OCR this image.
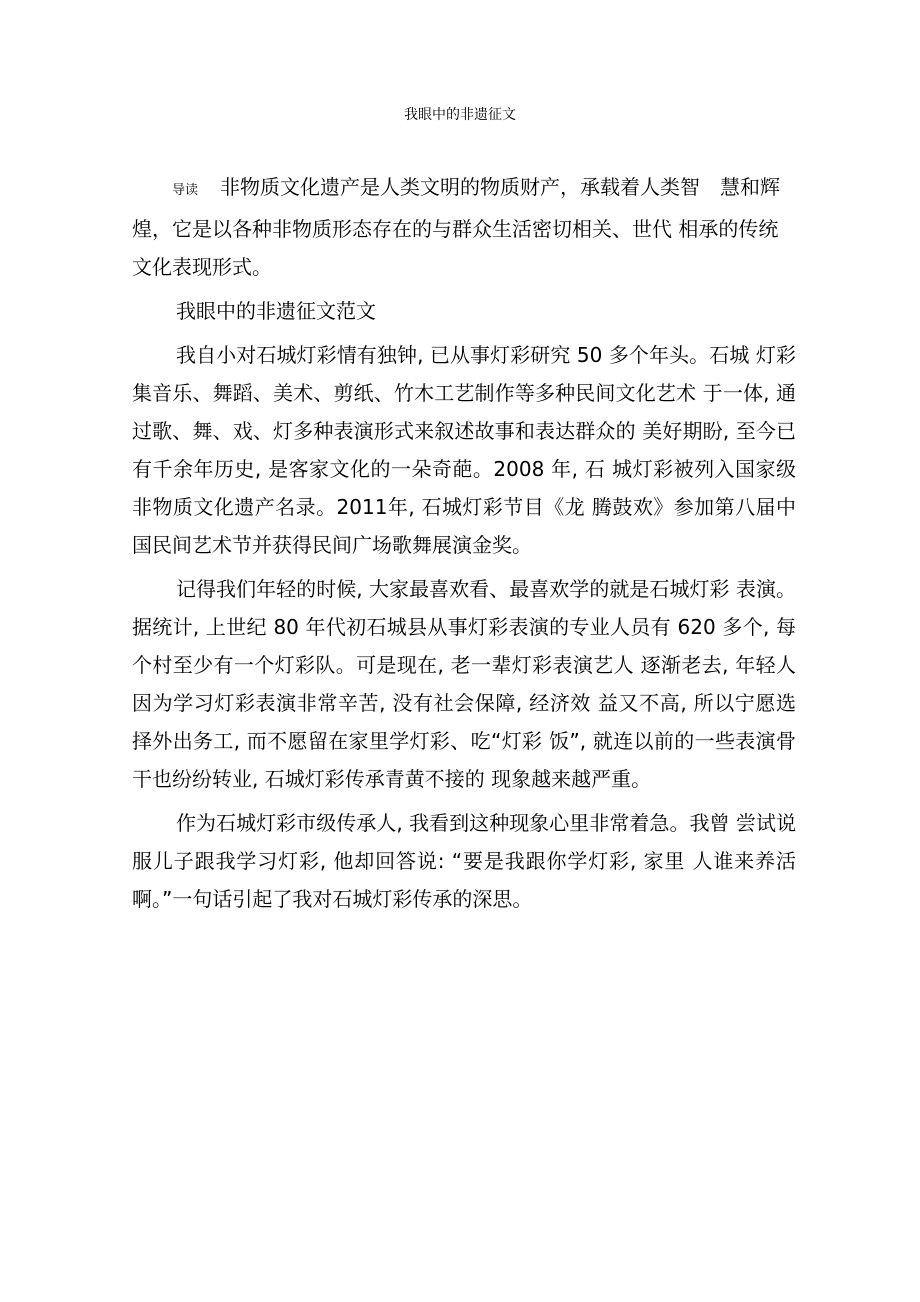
我眼中的非遗征文

导读 非物质文化遗产是人类文明的物质财产，承载着人类智　慧和辉煌，它是以各种非物质形态存在的与群众生活密切相关、世代 相承的传统文化表现形式。

我眼中的非遗征文范文

我自小对石城灯彩情有独钟, 已从事灯彩研究 50 多个年头。石城 灯彩集音乐、舞蹈、美术、剪纸、竹木工艺制作等多种民间文化艺术 于一体, 通过歌、舞、戏、灯多种表演形式来叙述故事和表达群众的 美好期盼, 至今已有千余年历史, 是客家文化的一朵奇葩。2008 年, 石 城灯彩被列入国家级非物质文化遗产名录。2011年, 石城灯彩节目《龙 腾鼓欢》参加第八届中国民间艺术节并获得民间广场歌舞展演金奖。

记得我们年轻的时候, 大家最喜欢看、最喜欢学的就是石城灯彩 表演。据统计, 上世纪 80 年代初石城县从事灯彩表演的专业人员有 620 多个, 每个村至少有一个灯彩队。可是现在, 老一辈灯彩表演艺人 逐渐老去, 年轻人因为学习灯彩表演非常辛苦, 没有社会保障, 经济效 益又不高, 所以宁愿选择外出务工, 而不愿留在家里学灯彩、吃“灯彩 饭”, 就连以前的一些表演骨干也纷纷转业, 石城灯彩传承青黄不接的 现象越来越严重。

作为石城灯彩市级传承人, 我看到这种现象心里非常着急。我曾 尝试说服儿子跟我学习灯彩, 他却回答说: “要是我跟你学灯彩, 家里 人谁来养活啊。”一句话引起了我对石城灯彩传承的深思。
